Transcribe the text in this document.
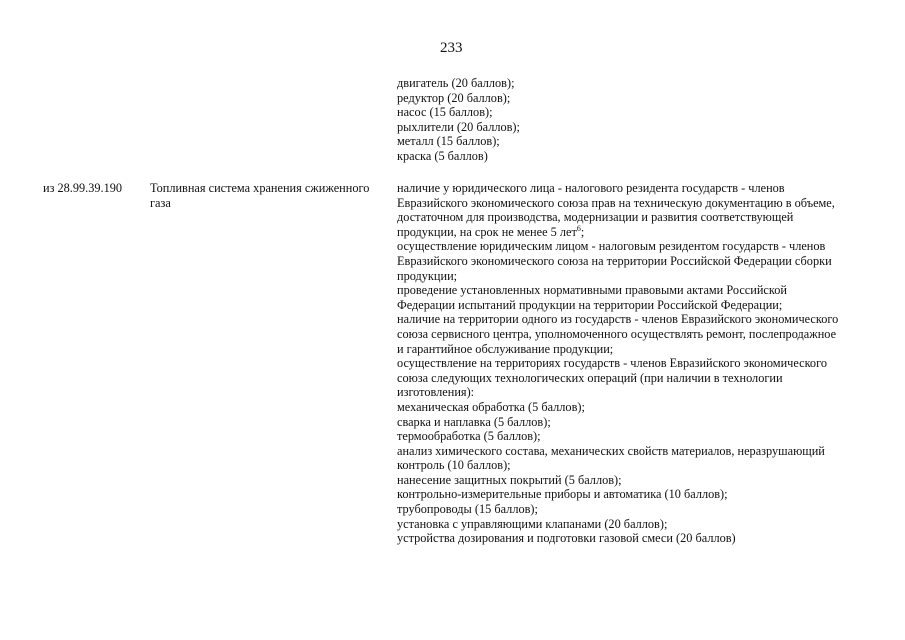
233
двигатель (20 баллов);
редуктор (20 баллов);
насос (15 баллов);
рыхлители (20 баллов);
металл (15 баллов);
краска (5 баллов)
из 28.99.39.190	Топливная система хранения сжиженного
газа
наличие у юридического лица - налогового резидента государств - членов
Евразийского экономического союза прав на техническую документацию в объеме,
достаточном для производства, модернизации и развития соответствующей
продукции, на срок не менее 5 лет$^6$;
осуществление юридическим лицом - налоговым резидентом государств - членов
Евразийского экономического союза на территории Российской Федерации сборки
продукции;
проведение установленных нормативными правовыми актами Российской
Федерации испытаний продукции на территории Российской Федерации;
наличие на территории одного из государств - членов Евразийского экономического
союза сервисного центра, уполномоченного осуществлять ремонт, послепродажное
и гарантийное обслуживание продукции;
осуществление на территориях государств - членов Евразийского экономического
союза следующих технологических операций (при наличии в технологии
изготовления):
механическая обработка (5 баллов);
сварка и наплавка (5 баллов);
термообработка (5 баллов);
анализ химического состава, механических свойств материалов, неразрушающий
контроль (10 баллов);
нанесение защитных покрытий (5 баллов);
контрольно-измерительные приборы и автоматика (10 баллов);
трубопроводы (15 баллов);
установка с управляющими клапанами (20 баллов);
устройства дозирования и подготовки газовой смеси (20 баллов)
